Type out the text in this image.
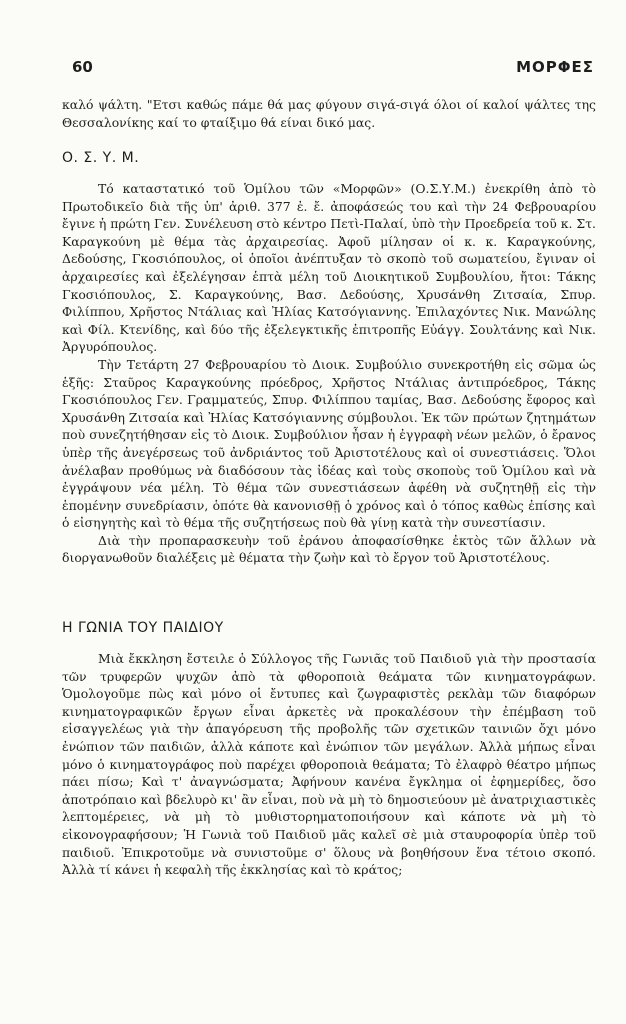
60	ΜΟΡΦΕΣ

καλό ψάλτη. "Ετσι καθώς πάμε θά μας φύγουν σιγά-σιγά όλοι οί καλοί ψάλτες της Θεσσαλονίκης καί το φταίξιμο θά είναι δικό μας.

Ο. Σ. Υ. Μ.

Τό καταστατικό τοῦ Ὁμίλου τῶν «Μορφῶν» (Ο.Σ.Υ.Μ.) ἐνεκρίθη ἀπὸ τὸ Πρωτοδικεῖο διὰ τῆς ὑπ' ἀριθ. 377 ἐ. ἔ. ἀποφάσεώς του καὶ τὴν 24 Φεβρουαρίου ἔγινε ἡ πρώτη Γεν. Συνέλευση στὸ κέντρο Πετὶ-Παλαί, ὑπὸ τὴν Προεδρεία τοῦ κ. Στ. Καραγκούνη μὲ θέμα τὰς ἀρχαιρεσίας. Ἀφοῦ μίλησαν οἱ κ. κ. Καραγκούνης, Δεδούσης, Γκοσιόπουλος, οἱ ὁποῖοι ἀνέπτυξαν τὸ σκοπὸ τοῦ σωματείου, ἔγιναν οἱ ἀρχαιρεσίες καὶ ἐξελέγησαν ἑπτὰ μέλη τοῦ Διοικητικοῦ Συμβουλίου, ἤτοι: Τάκης Γκοσιόπουλος, Σ. Καραγκούνης, Βασ. Δεδούσης, Χρυσάνθη Ζιτσαία, Σπυρ. Φιλίππου, Χρῆστος Ντάλιας καὶ Ἠλίας Κατσόγιαννης. Ἐπιλαχόντες Νικ. Μανώλης καὶ Φίλ. Κτενίδης, καὶ δύο τῆς ἐξελεγκτικῆς ἐπιτροπῆς Εὐάγγ. Σουλτάνης καὶ Νικ. Ἀργυρόπουλος.

Τὴν Τετάρτη 27 Φεβρουαρίου τὸ Διοικ. Συμβούλιο συνεκροτήθη εἰς σῶμα ὡς ἑξῆς: Σταῦρος Καραγκούνης πρόεδρος, Χρῆστος Ντάλιας ἀντιπρόεδρος, Τάκης Γκοσιόπουλος Γεν. Γραμματεύς, Σπυρ. Φιλίππου ταμίας, Βασ. Δεδούσης ἔφορος καὶ Χρυσάνθη Ζιτσαία καὶ Ἠλίας Κατσόγιαννης σύμβουλοι. Ἐκ τῶν πρώτων ζητημάτων ποὺ συνεζητήθησαν εἰς τὸ Διοικ. Συμβούλιον ἦσαν ἡ ἐγγραφὴ νέων μελῶν, ὁ ἔρανος ὑπὲρ τῆς ἀνεγέρσεως τοῦ ἀνδριάντος τοῦ Ἀριστοτέλους καὶ οἱ συνεστιάσεις. Ὅλοι ἀνέλαβαν προθύμως νὰ διαδόσουν τὰς ἰδέας καὶ τοὺς σκοποὺς τοῦ Ὁμίλου καὶ νὰ ἐγγράψουν νέα μέλη. Τὸ θέμα τῶν συνεστιάσεων ἀφέθη νὰ συζητηθῇ εἰς τὴν ἑπομένην συνεδρίασιν, ὁπότε θὰ κανονισθῇ ὁ χρόνος καὶ ὁ τόπος καθὼς ἐπίσης καὶ ὁ εἰσηγητὴς καὶ τὸ θέμα τῆς συζητήσεως ποὺ θὰ γίνῃ κατὰ τὴν συνεστίασιν.

Διὰ τὴν προπαρασκευὴν τοῦ ἐράνου ἀποφασίσθηκε ἐκτὸς τῶν ἄλλων νὰ διοργανωθοῦν διαλέξεις μὲ θέματα τὴν ζωὴν καὶ τὸ ἔργον τοῦ Ἀριστοτέλους.

Η ΓΩΝΙΑ ΤΟΥ ΠΑΙΔΙΟΥ

Μιὰ ἔκκληση ἔστειλε ὁ Σύλλογος τῆς Γωνιᾶς τοῦ Παιδιοῦ γιὰ τὴν προστασία τῶν τρυφερῶν ψυχῶν ἀπὸ τὰ φθοροποιὰ θεάματα τῶν κινηματογράφων. Ὁμολογοῦμε πὼς καὶ μόνο οἱ ἔντυπες καὶ ζωγραφιστὲς ρεκλὰμ τῶν διαφόρων κινηματογραφικῶν ἔργων εἶναι ἀρκετὲς νὰ προκαλέσουν τὴν ἐπέμβαση τοῦ εἰσαγγελέως γιὰ τὴν ἀπαγόρευση τῆς προβολῆς τῶν σχετικῶν ταινιῶν ὄχι μόνο ἐνώπιον τῶν παιδιῶν, ἀλλὰ κάποτε καὶ ἐνώπιον τῶν μεγάλων. Ἀλλὰ μήπως εἶναι μόνο ὁ κινηματογράφος ποὺ παρέχει φθοροποιὰ θεάματα; Τὸ ἐλαφρὸ θέατρο μήπως πάει πίσω; Καὶ τ' ἀναγνώσματα; Ἀφήνουν κανένα ἔγκλημα οἱ ἐφημερίδες, ὅσο ἀποτρόπαιο καὶ βδελυρὸ κι' ἂν εἶναι, ποὺ νὰ μὴ τὸ δημοσιεύουν μὲ ἀνατριχιαστικὲς λεπτομέρειες, νὰ μὴ τὸ μυθιστορηματοποιήσουν καὶ κάποτε νὰ μὴ τὸ εἰκονογραφήσουν; Ἡ Γωνιὰ τοῦ Παιδιοῦ μᾶς καλεῖ σὲ μιὰ σταυροφορία ὑπὲρ τοῦ παιδιοῦ. Ἐπικροτοῦμε νὰ συνιστοῦμε σ' ὅλους νὰ βοηθήσουν ἕνα τέτοιο σκοπό. Ἀλλὰ τί κάνει ἡ κεφαλὴ τῆς ἐκκλησίας καὶ τὸ κράτος;
